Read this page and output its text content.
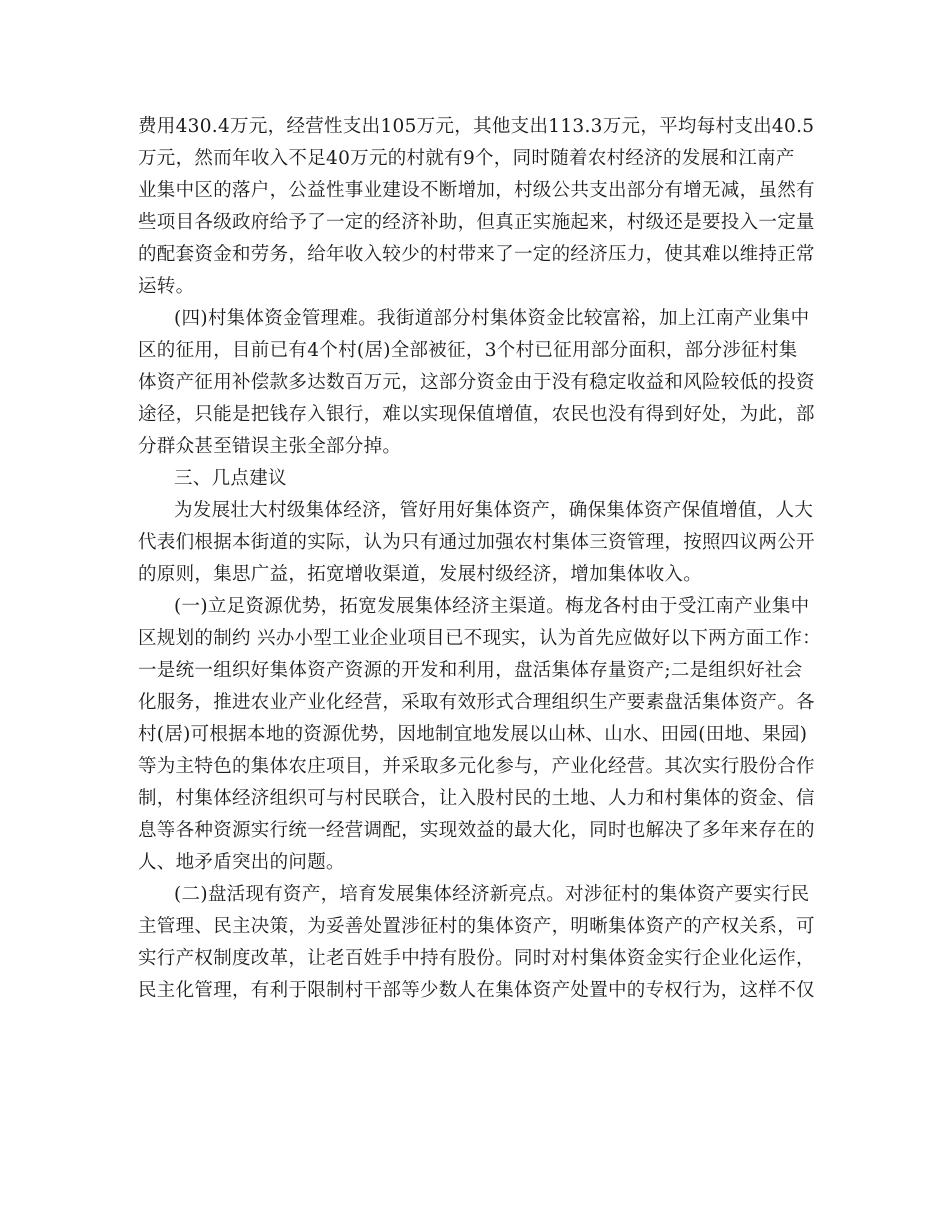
费用430.4万元，经营性支出105万元，其他支出113.3万元，平均每村支出40.5
万元，然而年收入不足40万元的村就有9个，同时随着农村经济的发展和江南产
业集中区的落户，公益性事业建设不断增加，村级公共支出部分有增无减，虽然有
些项目各级政府给予了一定的经济补助，但真正实施起来，村级还是要投入一定量
的配套资金和劳务，给年收入较少的村带来了一定的经济压力，使其难以维持正常
运转。
(四)村集体资金管理难。我街道部分村集体资金比较富裕，加上江南产业集中
区的征用，目前已有4个村(居)全部被征，3个村已征用部分面积，部分涉征村集
体资产征用补偿款多达数百万元，这部分资金由于没有稳定收益和风险较低的投资
途径，只能是把钱存入银行，难以实现保值增值，农民也没有得到好处，为此，部
分群众甚至错误主张全部分掉。
三、几点建议
为发展壮大村级集体经济，管好用好集体资产，确保集体资产保值增值，人大
代表们根据本街道的实际，认为只有通过加强农村集体三资管理，按照四议两公开
的原则，集思广益，拓宽增收渠道，发展村级经济，增加集体收入。
(一)立足资源优势，拓宽发展集体经济主渠道。梅龙各村由于受江南产业集中
区规划的制约 兴办小型工业企业项目已不现实，认为首先应做好以下两方面工作：
一是统一组织好集体资产资源的开发和利用，盘活集体存量资产;二是组织好社会
化服务，推进农业产业化经营，采取有效形式合理组织生产要素盘活集体资产。各
村(居)可根据本地的资源优势，因地制宜地发展以山林、山水、田园(田地、果园)
等为主特色的集体农庄项目，并采取多元化参与，产业化经营。其次实行股份合作
制，村集体经济组织可与村民联合，让入股村民的土地、人力和村集体的资金、信
息等各种资源实行统一经营调配，实现效益的最大化，同时也解决了多年来存在的
人、地矛盾突出的问题。
(二)盘活现有资产，培育发展集体经济新亮点。对涉征村的集体资产要实行民
主管理、民主决策，为妥善处置涉征村的集体资产，明晰集体资产的产权关系，可
实行产权制度改革，让老百姓手中持有股份。同时对村集体资金实行企业化运作，
民主化管理，有利于限制村干部等少数人在集体资产处置中的专权行为，这样不仅
